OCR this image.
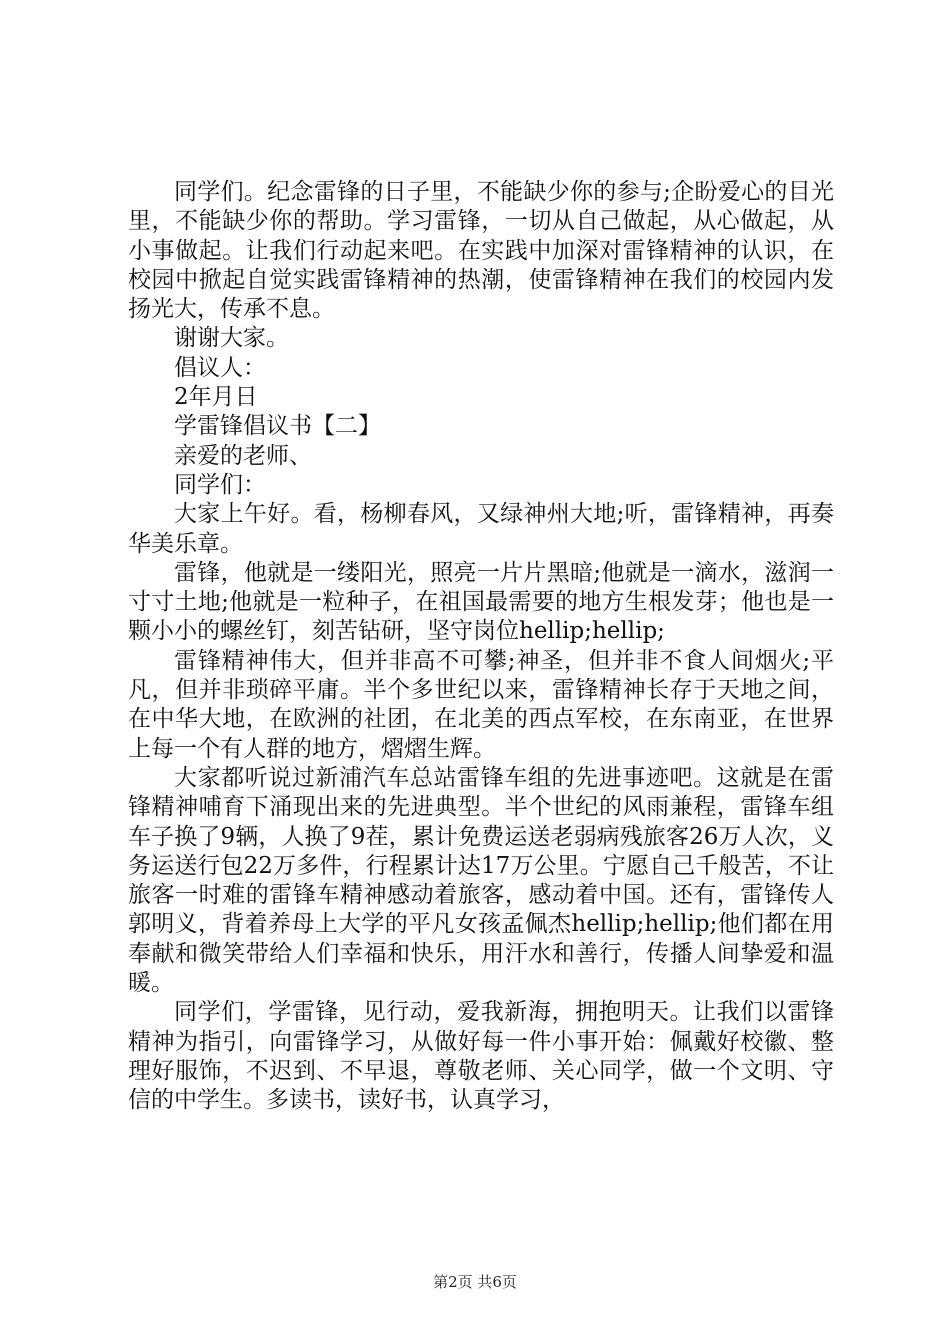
同学们。纪念雷锋的日子里，不能缺少你的参与;企盼爱心的目光里，不能缺少你的帮助。学习雷锋，一切从自己做起，从心做起，从小事做起。让我们行动起来吧。在实践中加深对雷锋精神的认识，在校园中掀起自觉实践雷锋精神的热潮，使雷锋精神在我们的校园内发扬光大，传承不息。

谢谢大家。

倡议人：

2年月日

学雷锋倡议书【二】

亲爱的老师、

同学们：

大家上午好。看，杨柳春风，又绿神州大地;听，雷锋精神，再奏华美乐章。

雷锋，他就是一缕阳光，照亮一片片黑暗;他就是一滴水，滋润一寸寸土地;他就是一粒种子，在祖国最需要的地方生根发芽；他也是一颗小小的螺丝钉，刻苦钻研，坚守岗位hellip;hellip;

雷锋精神伟大，但并非高不可攀;神圣，但并非不食人间烟火;平凡，但并非琐碎平庸。半个多世纪以来，雷锋精神长存于天地之间，在中华大地，在欧洲的社团，在北美的西点军校，在东南亚，在世界上每一个有人群的地方，熠熠生辉。

大家都听说过新浦汽车总站雷锋车组的先进事迹吧。这就是在雷锋精神哺育下涌现出来的先进典型。半个世纪的风雨兼程，雷锋车组车子换了9辆，人换了9茬，累计免费运送老弱病残旅客26万人次，义务运送行包22万多件，行程累计达17万公里。宁愿自己千般苦，不让旅客一时难的雷锋车精神感动着旅客，感动着中国。还有，雷锋传人郭明义，背着养母上大学的平凡女孩孟佩杰hellip;hellip;他们都在用奉献和微笑带给人们幸福和快乐，用汗水和善行，传播人间挚爱和温暖。

同学们，学雷锋，见行动，爱我新海，拥抱明天。让我们以雷锋精神为指引，向雷锋学习，从做好每一件小事开始：佩戴好校徽、整理好服饰，不迟到、不早退，尊敬老师、关心同学，做一个文明、守信的中学生。多读书，读好书，认真学习，

第2页 共6页
